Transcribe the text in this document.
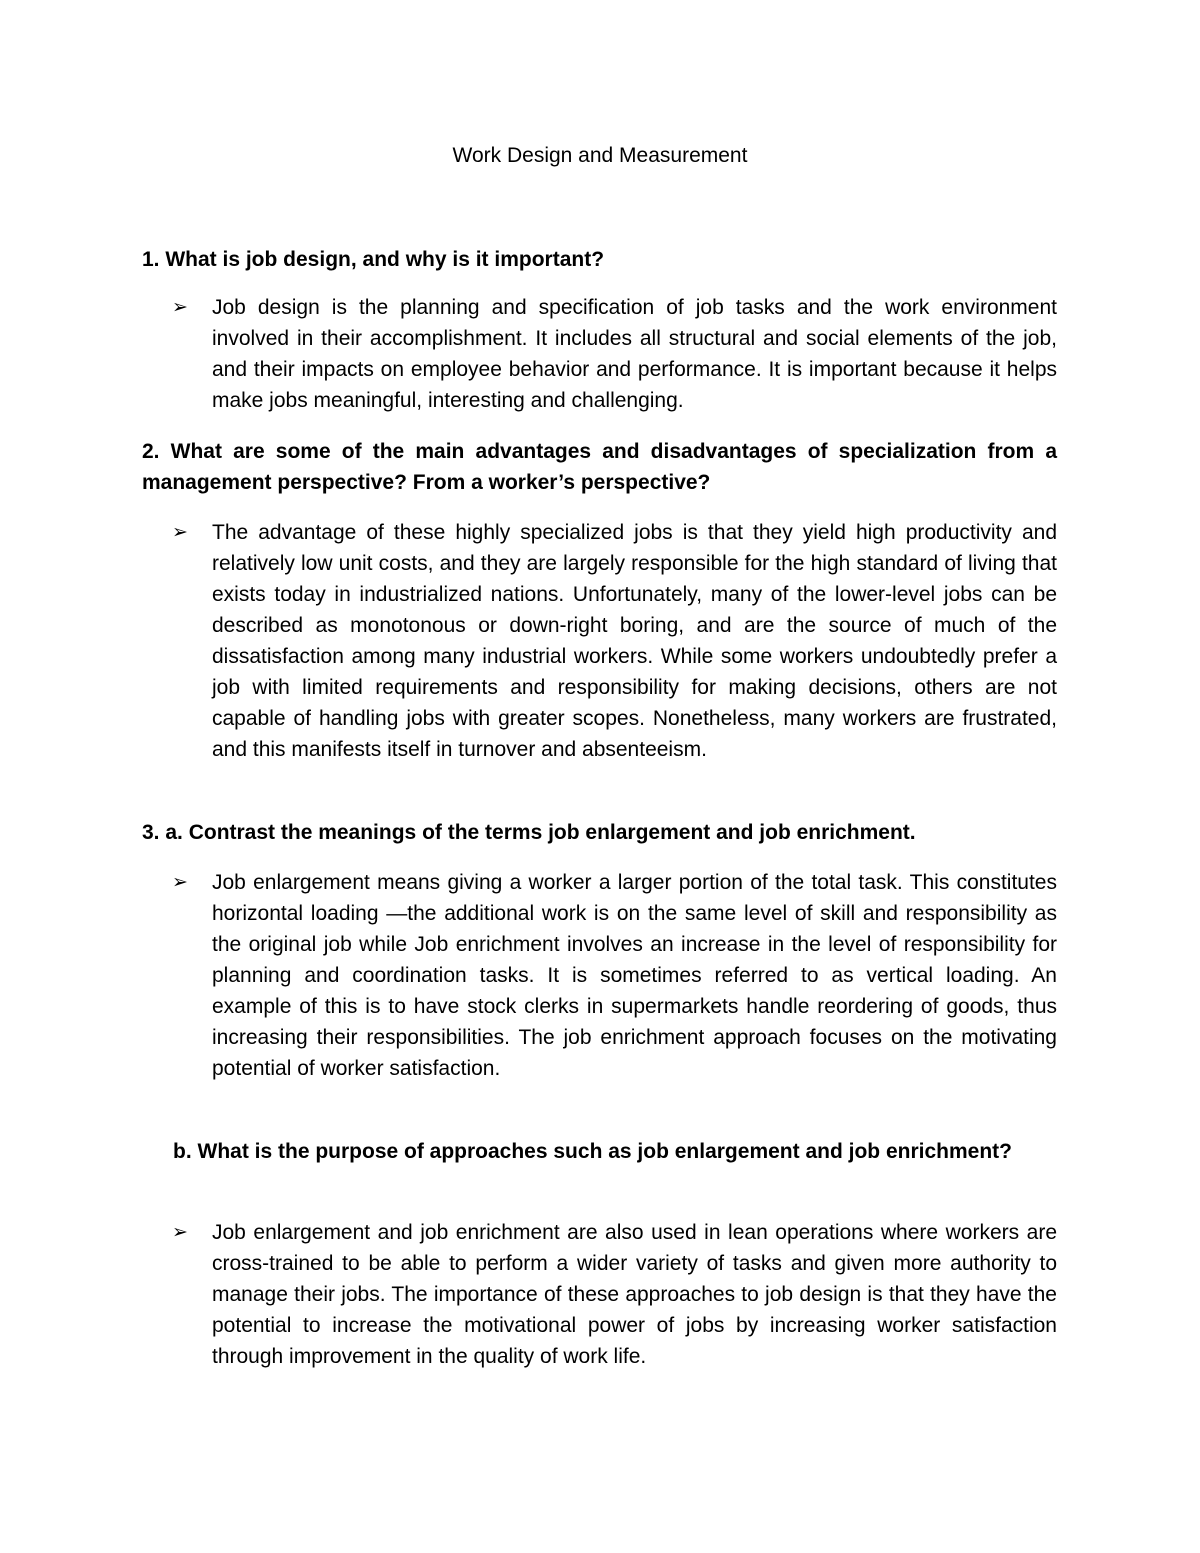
Work Design and Measurement
1. What is job design, and why is it important?
➢	Job design is the planning and specification of job tasks and the work environment involved in their accomplishment. It includes all structural and social elements of the job, and their impacts on employee behavior and performance. It is important because it helps make jobs meaningful, interesting and challenging.
2. What are some of the main advantages and disadvantages of specialization from a management perspective? From a worker’s perspective?
➢	The advantage of these highly specialized jobs is that they yield high productivity and relatively low unit costs, and they are largely responsible for the high standard of living that exists today in industrialized nations. Unfortunately, many of the lower-level jobs can be described as monotonous or down-right boring, and are the source of much of the dissatisfaction among many industrial workers. While some workers undoubtedly prefer a job with limited requirements and responsibility for making decisions, others are not capable of handling jobs with greater scopes. Nonetheless, many workers are frustrated, and this manifests itself in turnover and absenteeism.
3. a. Contrast the meanings of the terms job enlargement and job enrichment.
➢	Job enlargement means giving a worker a larger portion of the total task. This constitutes horizontal loading —the additional work is on the same level of skill and responsibility as the original job while Job enrichment involves an increase in the level of responsibility for planning and coordination tasks. It is sometimes referred to as vertical loading. An example of this is to have stock clerks in supermarkets handle reordering of goods, thus increasing their responsibilities. The job enrichment approach focuses on the motivating potential of worker satisfaction.
b. What is the purpose of approaches such as job enlargement and job enrichment?
➢	Job enlargement and job enrichment are also used in lean operations where workers are cross-trained to be able to perform a wider variety of tasks and given more authority to manage their jobs. The importance of these approaches to job design is that they have the potential to increase the motivational power of jobs by increasing worker satisfaction through improvement in the quality of work life.
